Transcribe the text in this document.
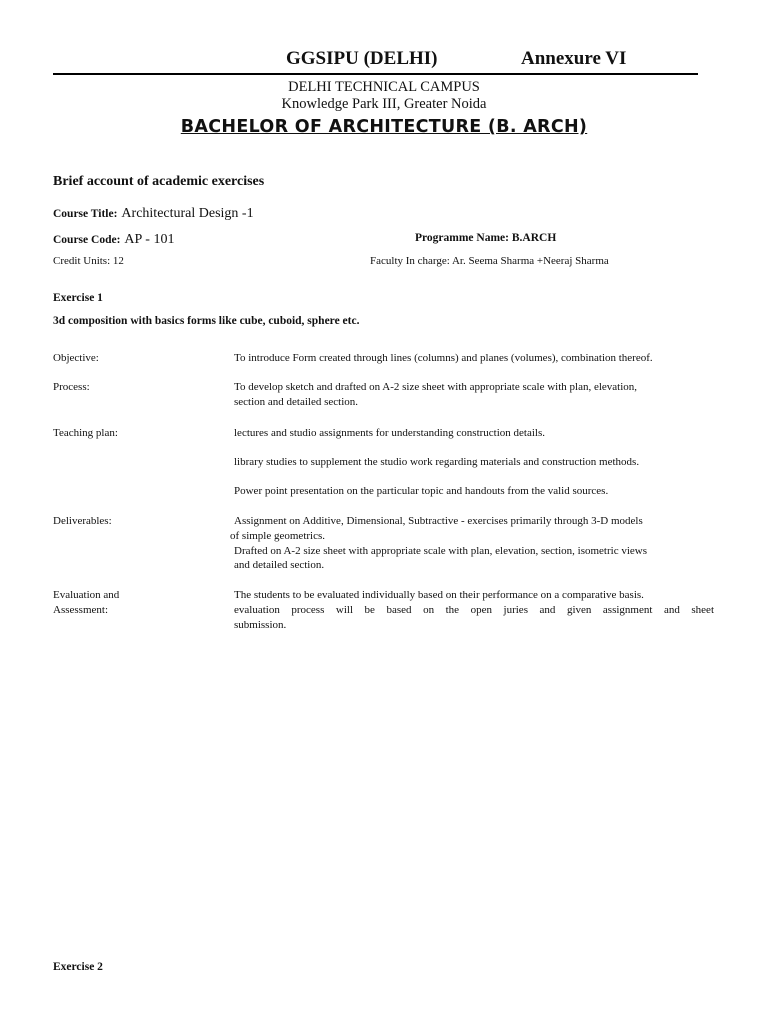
GGSIPU (DELHI)	Annexure VI
DELHI TECHNICAL CAMPUS
Knowledge Park III, Greater Noida
BACHELOR OF ARCHITECTURE (B. ARCH)
Brief account of academic exercises
Course Title: Architectural Design -1
Course Code: AP - 101	Programme Name: B.ARCH
Credit Units: 12	Faculty In charge: Ar. Seema Sharma +Neeraj Sharma
Exercise 1
3d composition with basics forms like cube, cuboid, sphere etc.
Objective:	To introduce Form created through lines (columns) and planes (volumes), combination thereof.
Process:	To develop sketch and drafted on A-2 size sheet with appropriate scale with plan, elevation,
section and detailed section.
Teaching plan:	lectures and studio assignments for understanding construction details.
library studies to supplement the studio work regarding materials and construction methods.
Power point presentation on the particular topic and handouts from the valid sources.
Deliverables:	Assignment on Additive, Dimensional, Subtractive - exercises primarily through 3-D models
of simple geometrics.
Drafted on A-2 size sheet with appropriate scale with plan, elevation, section, isometric views
and detailed section.
Evaluation and
Assessment:
The students to be evaluated individually based on their performance on a comparative basis.
evaluation process will be based on the open juries and given assignment and sheet
submission.
Exercise 2
